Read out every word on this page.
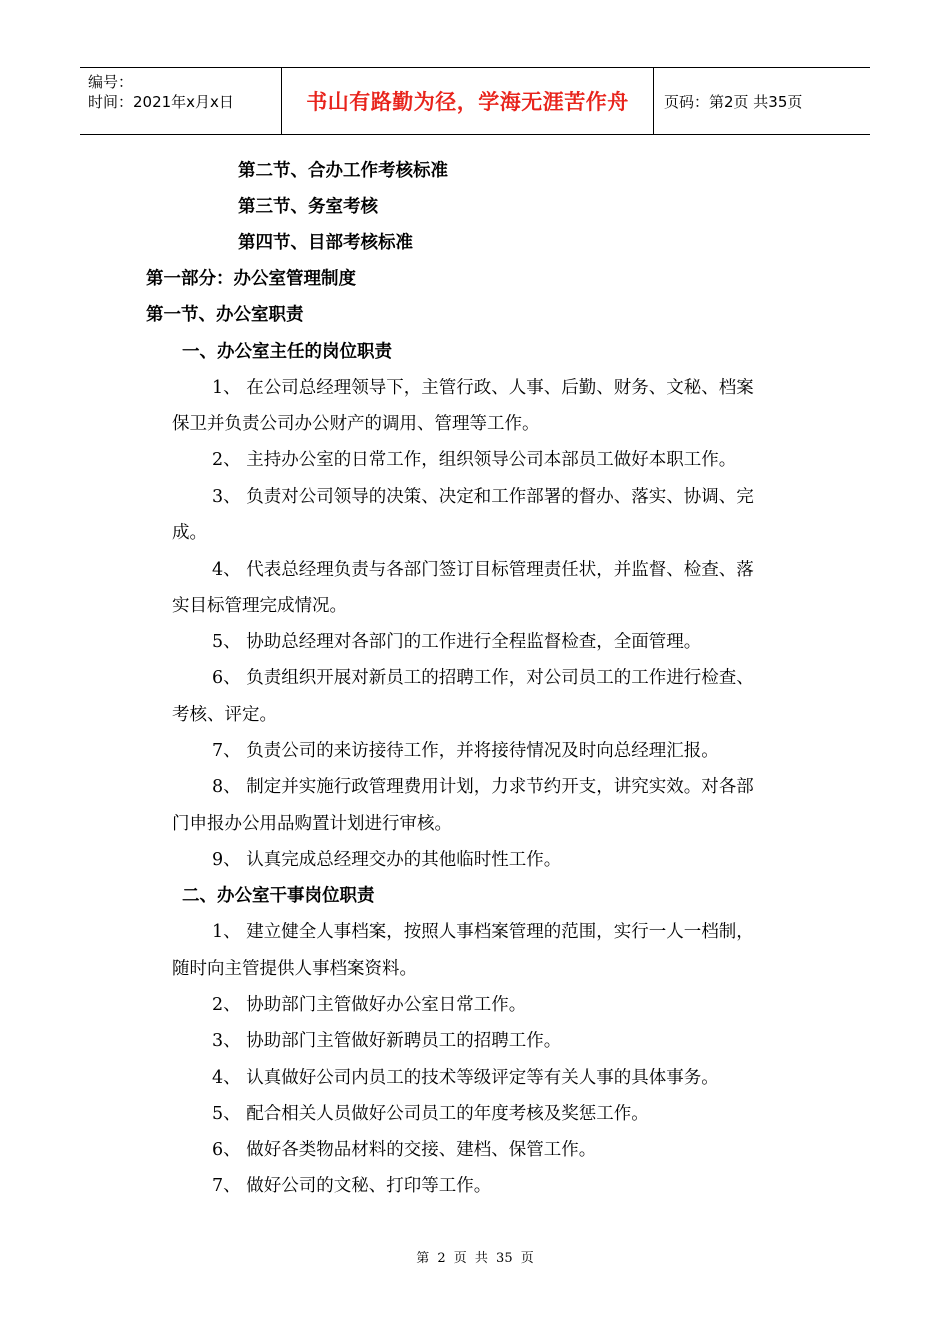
编号：
时间：2021年x月x日	书山有路勤为径，学海无涯苦作舟	页码：第2页 共35页
第二节、合办工作考核标准
第三节、务室考核
第四节、目部考核标准
第一部分：办公室管理制度
第一节、办公室职责
一、办公室主任的岗位职责
1、 在公司总经理领导下，主管行政、人事、后勤、财务、文秘、档案
保卫并负责公司办公财产的调用、管理等工作。
2、 主持办公室的日常工作，组织领导公司本部员工做好本职工作。
3、 负责对公司领导的决策、决定和工作部署的督办、落实、协调、完
成。
4、 代表总经理负责与各部门签订目标管理责任状，并监督、检查、落
实目标管理完成情况。
5、 协助总经理对各部门的工作进行全程监督检查，全面管理。
6、 负责组织开展对新员工的招聘工作，对公司员工的工作进行检查、
考核、评定。
7、 负责公司的来访接待工作，并将接待情况及时向总经理汇报。
8、 制定并实施行政管理费用计划，力求节约开支，讲究实效。对各部
门申报办公用品购置计划进行审核。
9、 认真完成总经理交办的其他临时性工作。
二、办公室干事岗位职责
1、 建立健全人事档案，按照人事档案管理的范围，实行一人一档制，
随时向主管提供人事档案资料。
2、 协助部门主管做好办公室日常工作。
3、 协助部门主管做好新聘员工的招聘工作。
4、 认真做好公司内员工的技术等级评定等有关人事的具体事务。
5、 配合相关人员做好公司员工的年度考核及奖惩工作。
6、 做好各类物品材料的交接、建档、保管工作。
7、 做好公司的文秘、打印等工作。
第 2 页 共 35 页
